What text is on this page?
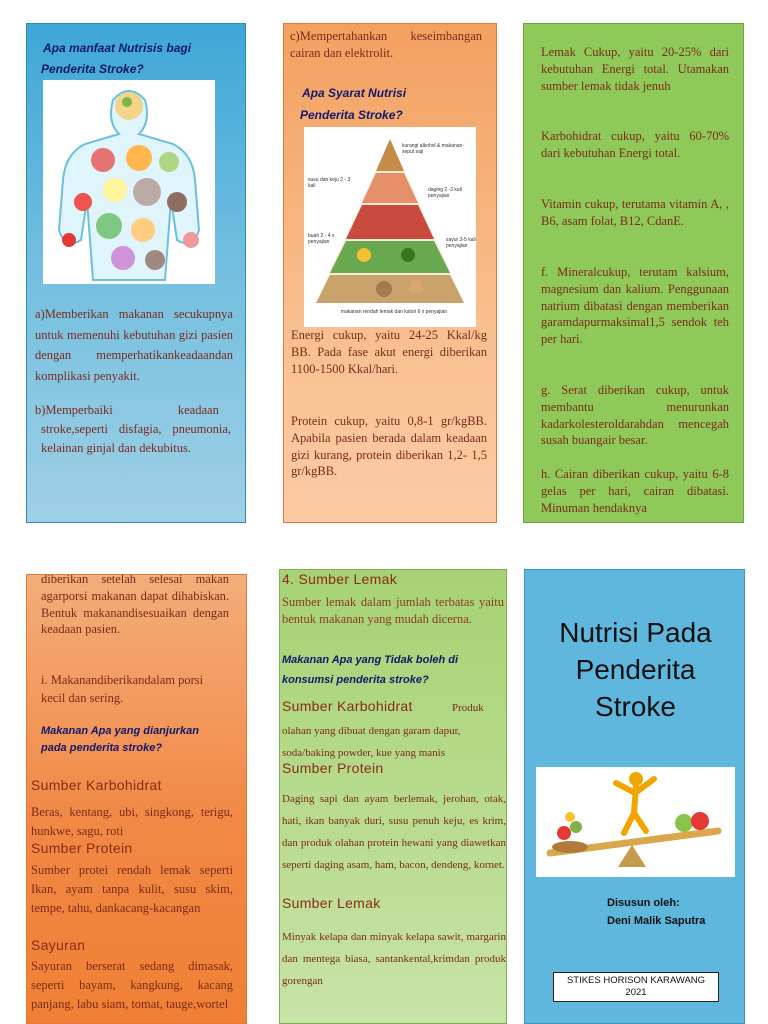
Apa manfaat Nutrisis bagi

Penderita Stroke?

a)Memberikan makanan secukupnya untuk memenuhi kebutuhan gizi pasien dengan memperhatikankeadaandan komplikasi penyakit.

b)Memperbaiki keadaan

stroke,seperti disfagia, pneumonia, kelainan ginjal dan dekubitus.

c)Mempertahankan keseimbangan cairan dan elektrolit.

Apa Syarat Nutrisi

Penderita Stroke?

kurangi alkohol & makanan-seput saji
susu dan keju 2 - 3 kali
daging 2 -3 kali penyajian
buah 2 - 4 x penyajian	sayur 3-5 kali penyajian
makanan rendah lemak dan kalori 6 x penyajian

Energi cukup, yaitu 24-25 Kkal/kg BB. Pada fase akut energi diberikan 1100-1500 Kkal/hari.

Protein cukup, yaitu 0,8-1 gr/kgBB. Apabila pasien berada dalam keadaan gizi kurang, protein diberikan 1,2- 1,5 gr/kgBB.

Lemak Cukup, yaitu 20-25% dari kebutuhan Energi total. Utamakan sumber lemak tidak jenuh

Karbohidrat cukup, yaitu 60-70% dari kebutuhan Energi total.

Vitamin cukup, terutama vitamin A, , B6, asam folat, B12, CdanE.

f. Mineralcukup, terutam kalsium, magnesium dan kalium. Penggunaan natrium dibatasi dengan memberikan garamdapurmaksimal1,5 sendok teh per hari.

g. Serat diberikan cukup, untuk membantu menurunkan kadarkolesteroldarahdan mencegah susah buangair besar.

h. Cairan diberikan cukup, yaitu 6-8 gelas per hari, cairan dibatasi. Minuman hendaknya

diberikan setelah selesai makan agarporsi makanan dapat dihabiskan. Bentuk makanandisesuaikan dengan keadaan pasien.

i. Makanandiberikandalam porsi kecil dan sering.

Makanan Apa yang dianjurkan

pada penderita stroke?

Sumber Karbohidrat

Beras, kentang, ubi, singkong, terigu, hunkwe, sagu, roti

Sumber Protein

Sumber protei rendah lemak seperti Ikan, ayam tanpa kulit, susu skim, tempe, tahu, dankacang-kacangan

Sayuran

Sayuran berserat sedang dimasak, seperti bayam, kangkung, kacang panjang, labu siam, tomat, tauge,wortel

4. Sumber Lemak

Sumber lemak dalam jumlah terbatas yaitu bentuk makanan yang mudah dicerna.

Makanan Apa yang Tidak boleh di

konsumsi penderita stroke?

Sumber Karbohidrat	Produk

olahan yang dibuat dengan garam dapur, soda/baking powder, kue yang manis

Sumber Protein

Daging sapi dan ayam berlemak, jerohan, otak, hati, ikan banyak duri, susu penuh keju, es krim, dan produk olahan protein hewani yang diawetkan seperti daging asam, ham, bacon, dendeng, kornet.

Sumber Lemak

Minyak kelapa dan minyak kelapa sawit, margarin dan mentega biasa, santankental,krimdan produk gorengan

Nutrisi Pada
Penderita
Stroke

Disusun oleh:

Deni Malik Saputra

STIKES HORISON KARAWANG
2021
